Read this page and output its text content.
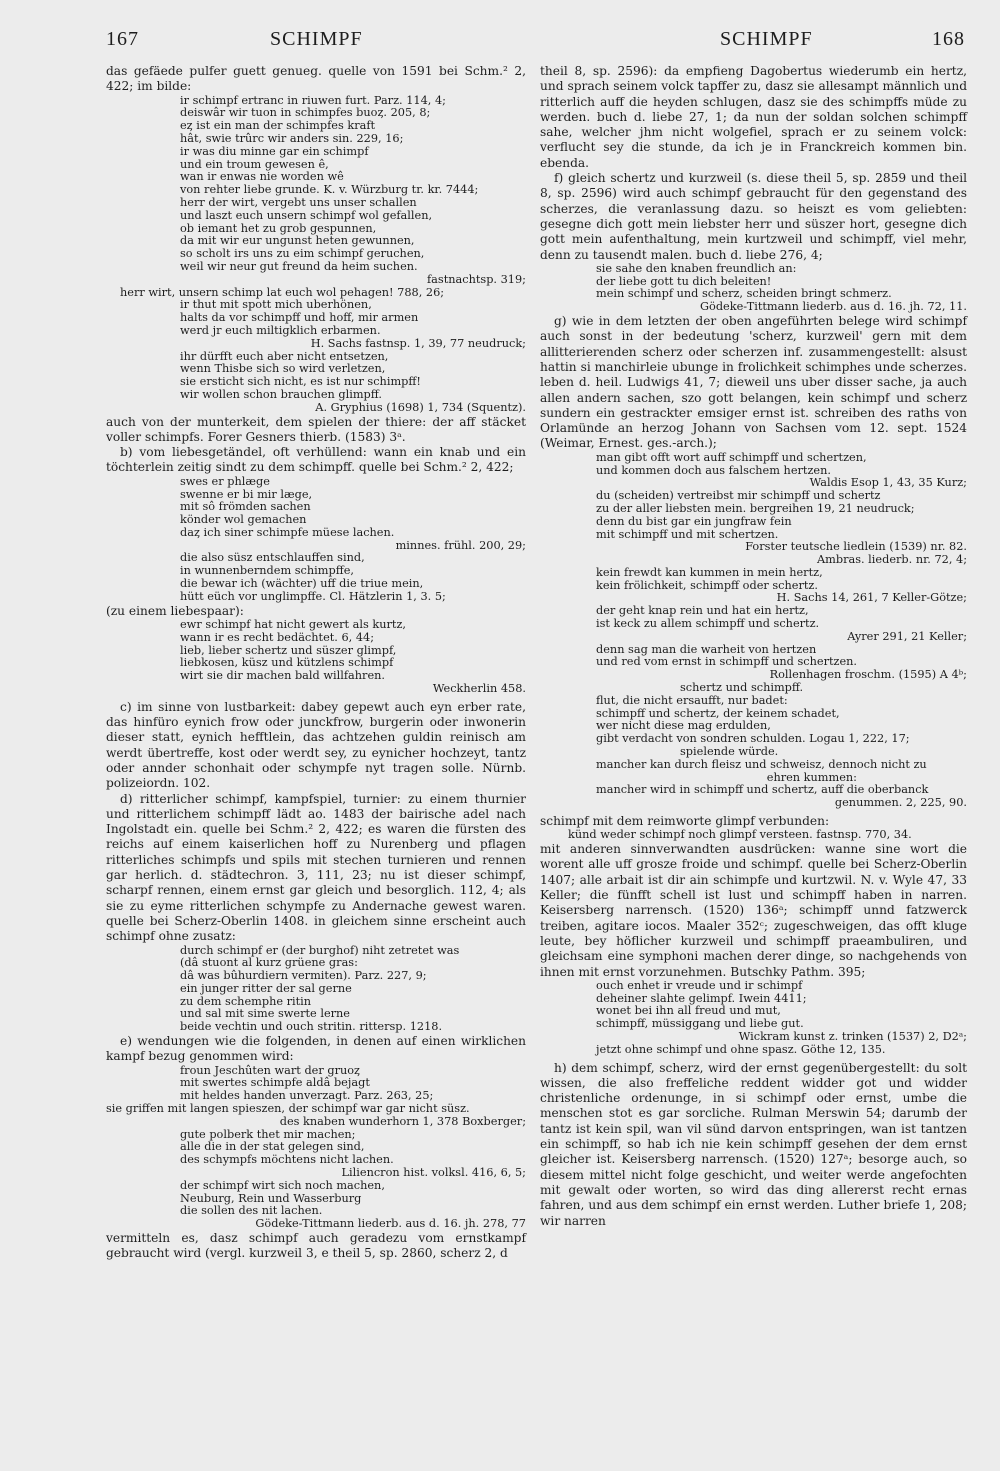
167	SCHIMPF	SCHIMPF	168

das gefäede pulfer guett genueg. quelle von 1591 bei Schm.² 2, 422; im bilde:

ir schimpf ertranc in riuwen furt. Parz. 114, 4;

deiswâr wir tuon in schimpfes buoȥ. 205, 8;

eȥ ist ein man der schimpfes kraft

hât, swie trûrc wir anders sin. 229, 16;

ir was diu minne gar ein schimpf

und ein troum gewesen ê,

wan ir enwas nie worden wê

von rehter liebe grunde. K. v. Würzburg tr. kr. 7444;

herr der wirt, vergebt uns unser schallen

und laszt euch unsern schimpf wol gefallen,

ob iemant het zu grob gespunnen,

da mit wir eur ungunst heten gewunnen,

so scholt irs uns zu eim schimpf geruchen,

weil wir neur gut freund da heim suchen.

fastnachtsp. 319;

herr wirt, unsern schimp lat euch wol pehagen! 788, 26;

ir thut mit spott mich uberhönen,

halts da vor schimpff und hoff, mir armen

werd jr euch miltigklich erbarmen.

H. Sachs fastnsp. 1, 39, 77 neudruck;

ihr dürfft euch aber nicht entsetzen,

wenn Thisbe sich so wird verletzen,

sie ersticht sich nicht, es ist nur schimpff!

wir wollen schon brauchen glimpff.

A. Gryphius (1698) 1, 734 (Squentz).

auch von der munterkeit, dem spielen der thiere: der aff stäcket voller schimpfs. Forer Gesners thierb. (1583) 3ᵃ.

b) vom liebesgetändel, oft verhüllend: wann ein knab und ein töchterlein zeitig sindt zu dem schimpff. quelle bei Schm.² 2, 422;

swes er phlæge

swenne er bi mir læge,

mit sô frömden sachen

könder wol gemachen

daȥ ich siner schimpfe müese lachen.

minnes. frühl. 200, 29;

die also süsz entschlauffen sind,

in wunnenberndem schimpffe,

die bewar ich (wächter) uff die triue mein,

hütt eüch vor unglimpffe. Cl. Hätzlerin 1, 3. 5;

(zu einem liebespaar):

ewr schimpf hat nicht gewert als kurtz,

wann ir es recht bedächtet. 6, 44;

lieb, lieber schertz und süszer glimpf,

liebkosen, küsz und kützlens schimpf

wirt sie dir machen bald willfahren.

Weckherlin 458.

c) im sinne von lustbarkeit: dabey gepewt auch eyn erber rate, das hinfüro eynich frow oder junckfrow, burgerin oder inwonerin dieser statt, eynich hefftlein, das achtzehen guldin reinisch am werdt übertreffe, kost oder werdt sey, zu eynicher hochzeyt, tantz oder annder schonhait oder schympfe nyt tragen solle. Nürnb. polizeiordn. 102.

d) ritterlicher schimpf, kampfspiel, turnier: zu einem thurnier und ritterlichem schimpff lädt ao. 1483 der bairische adel nach Ingolstadt ein. quelle bei Schm.² 2, 422; es waren die fürsten des reichs auf einem kaiserlichen hoff zu Nurenberg und pflagen ritterliches schimpfs und spils mit stechen turnieren und rennen gar herlich. d. städtechron. 3, 111, 23; nu ist dieser schimpf, scharpf rennen, einem ernst gar gleich und besorglich. 112, 4; als sie zu eyme ritterlichen schympfe zu Andernache gewest waren. quelle bei Scherz-Oberlin 1408. in gleichem sinne erscheint auch schimpf ohne zusatz:

durch schimpf er (der burghof) niht zetretet was

(dâ stuont al kurz grüene gras:

dâ was bûhurdiern vermiten). Parz. 227, 9;

ein junger ritter der sal gerne

zu dem schemphe ritin

und sal mit sime swerte lerne

beide vechtin und ouch stritin. rittersp. 1218.

e) wendungen wie die folgenden, in denen auf einen wirklichen kampf bezug genommen wird:

froun Jeschûten wart der gruoȥ

mit swertes schimpfe aldâ bejagt

mit heldes handen unverzagt. Parz. 263, 25;

sie griffen mit langen spieszen, der schimpf war gar nicht süsz.

des knaben wunderhorn 1, 378 Boxberger;

gute polberk thet mir machen;

alle die in der stat gelegen sind,

des schympfs möchtens nicht lachen.

Liliencron hist. volksl. 416, 6, 5;

der schimpf wirt sich noch machen,

Neuburg, Rein und Wasserburg

die sollen des nit lachen.

Gödeke-Tittmann liederb. aus d. 16. jh. 278, 77

vermitteln es, dasz schimpf auch geradezu vom ernstkampf gebraucht wird (vergl. kurzweil 3, e theil 5, sp. 2860, scherz 2, d

theil 8, sp. 2596): da empfieng Dagobertus wiederumb ein hertz, und sprach seinem volck tapffer zu, dasz sie allesampt männlich und ritterlich auff die heyden schlugen, dasz sie des schimpffs müde zu werden. buch d. liebe 27, 1; da nun der soldan solchen schimpff sahe, welcher jhm nicht wolgefiel, sprach er zu seinem volck: verflucht sey die stunde, da ich je in Franckreich kommen bin. ebenda.

f) gleich schertz und kurzweil (s. diese theil 5, sp. 2859 und theil 8, sp. 2596) wird auch schimpf gebraucht für den gegenstand des scherzes, die veranlassung dazu. so heiszt es vom geliebten: gesegne dich gott mein liebster herr und süszer hort, gesegne dich gott mein aufenthaltung, mein kurtzweil und schimpff, viel mehr, denn zu tausendt malen. buch d. liebe 276, 4;

sie sahe den knaben freundlich an:

der liebe gott tu dich beleiten!

mein schimpf und scherz, scheiden bringt schmerz.

Gödeke-Tittmann liederb. aus d. 16. jh. 72, 11.

g) wie in dem letzten der oben angeführten belege wird schimpf auch sonst in der bedeutung 'scherz, kurzweil' gern mit dem allitterierenden scherz oder scherzen inf. zusammengestellt: alsust hattin si manchirleie ubunge in frolichkeit schimphes unde scherzes. leben d. heil. Ludwigs 41, 7; dieweil uns uber disser sache, ja auch allen andern sachen, szo gott belangen, kein schimpf und scherz sundern ein gestrackter emsiger ernst ist. schreiben des raths von Orlamünde an herzog Johann von Sachsen vom 12. sept. 1524 (Weimar, Ernest. ges.-arch.);

man gibt offt wort auff schimpff und schertzen,

und kommen doch aus falschem hertzen.

Waldis Esop 1, 43, 35 Kurz;

du (scheiden) vertreibst mir schimpff und schertz

zu der aller liebsten mein. bergreihen 19, 21 neudruck;

denn du bist gar ein jungfraw fein

mit schimpff und mit schertzen.

Forster teutsche liedlein (1539) nr. 82.

Ambras. liederb. nr. 72, 4;

kein frewdt kan kummen in mein hertz,

kein frölichkeit, schimpff oder schertz.

H. Sachs 14, 261, 7 Keller-Götze;

der geht knap rein und hat ein hertz,

ist keck zu allem schimpff und schertz.

Ayrer 291, 21 Keller;

denn sag man die warheit von hertzen

und red vom ernst in schimpff und schertzen.

Rollenhagen froschm. (1595) A 4ᵇ;

schertz und schimpff.

flut, die nicht ersaufft, nur badet:

schimpff und schertz, der keinem schadet,

wer nicht diese mag erdulden,

gibt verdacht von sondren schulden. Logau 1, 222, 17;

spielende würde.

mancher kan durch fleisz und schweisz, dennoch nicht zu

ehren kummen:

mancher wird in schimpff und schertz, auff die oberbanck

genummen. 2, 225, 90.

schimpf mit dem reimworte glimpf verbunden:

künd weder schimpf noch glimpf versteen. fastnsp. 770, 34.

mit anderen sinnverwandten ausdrücken: wanne sine wort die worent alle uff grosze froide und schimpf. quelle bei Scherz-Oberlin 1407; alle arbait ist dir ain schimpfe und kurtzwil. N. v. Wyle 47, 33 Keller; die fünfft schell ist lust und schimpff haben in narren. Keisersberg narrensch. (1520) 136ᵃ; schimpff unnd fatzwerck treiben, agitare iocos. Maaler 352ᶜ; zugeschweigen, das offt kluge leute, bey höflicher kurzweil und schimpff praeambuliren, und gleichsam eine symphoni machen derer dinge, so nachgehends von ihnen mit ernst vorzunehmen. Butschky Pathm. 395;

ouch enhet ir vreude und ir schimpf

deheiner slahte gelimpf. Iwein 4411;

wonet bei ihn all freud und mut,

schimpff, müssiggang und liebe gut.

Wickram kunst z. trinken (1537) 2, D2ᵃ;

jetzt ohne schimpf und ohne spasz. Göthe 12, 135.

h) dem schimpf, scherz, wird der ernst gegenübergestellt: du solt wissen, die also freffeliche reddent widder got und widder christenliche ordenunge, in si schimpf oder ernst, umbe die menschen stot es gar sorcliche. Rulman Merswin 54; darumb der tantz ist kein spil, wan vil sünd darvon entspringen, wan ist tantzen ein schimpff, so hab ich nie kein schimpff gesehen der dem ernst gleicher ist. Keisersberg narrensch. (1520) 127ᵃ; besorge auch, so diesem mittel nicht folge geschicht, und weiter werde angefochten mit gewalt oder worten, so wird das ding allererst recht ernas fahren, und aus dem schimpf ein ernst werden. Luther briefe 1, 208; wir narren
